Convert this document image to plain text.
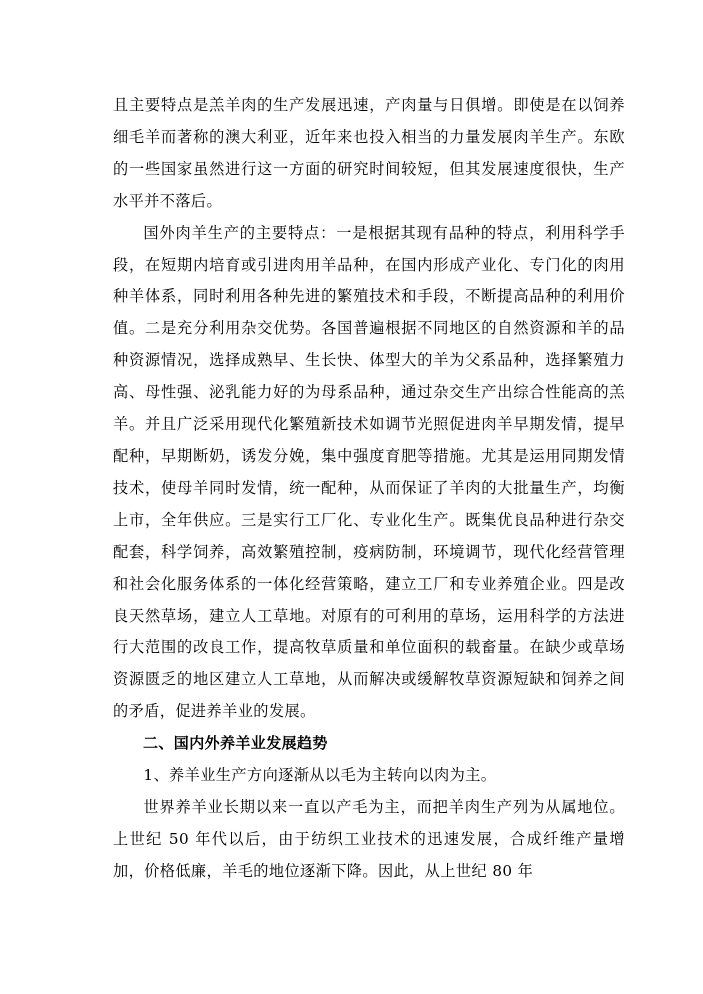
且主要特点是羔羊肉的生产发展迅速，产肉量与日俱增。即使是在以饲养细毛羊而著称的澳大利亚，近年来也投入相当的力量发展肉羊生产。东欧的一些国家虽然进行这一方面的研究时间较短，但其发展速度很快，生产水平并不落后。

国外肉羊生产的主要特点：一是根据其现有品种的特点，利用科学手段，在短期内培育或引进肉用羊品种，在国内形成产业化、专门化的肉用种羊体系，同时利用各种先进的繁殖技术和手段，不断提高品种的利用价值。二是充分利用杂交优势。各国普遍根据不同地区的自然资源和羊的品种资源情况，选择成熟早、生长快、体型大的羊为父系品种，选择繁殖力高、母性强、泌乳能力好的为母系品种，通过杂交生产出综合性能高的羔羊。并且广泛采用现代化繁殖新技术如调节光照促进肉羊早期发情，提早配种，早期断奶，诱发分娩，集中强度育肥等措施。尤其是运用同期发情技术，使母羊同时发情，统一配种，从而保证了羊肉的大批量生产，均衡上市，全年供应。三是实行工厂化、专业化生产。既集优良品种进行杂交配套，科学饲养，高效繁殖控制，疫病防制，环境调节，现代化经营管理和社会化服务体系的一体化经营策略，建立工厂和专业养殖企业。四是改良天然草场，建立人工草地。对原有的可利用的草场，运用科学的方法进行大范围的改良工作，提高牧草质量和单位面积的载畜量。在缺少或草场资源匮乏的地区建立人工草地，从而解决或缓解牧草资源短缺和饲养之间的矛盾，促进养羊业的发展。

二、国内外养羊业发展趋势

1、养羊业生产方向逐渐从以毛为主转向以肉为主。

世界养羊业长期以来一直以产毛为主，而把羊肉生产列为从属地位。上世纪 50 年代以后，由于纺织工业技术的迅速发展，合成纤维产量增加，价格低廉，羊毛的地位逐渐下降。因此，从上世纪 80 年
